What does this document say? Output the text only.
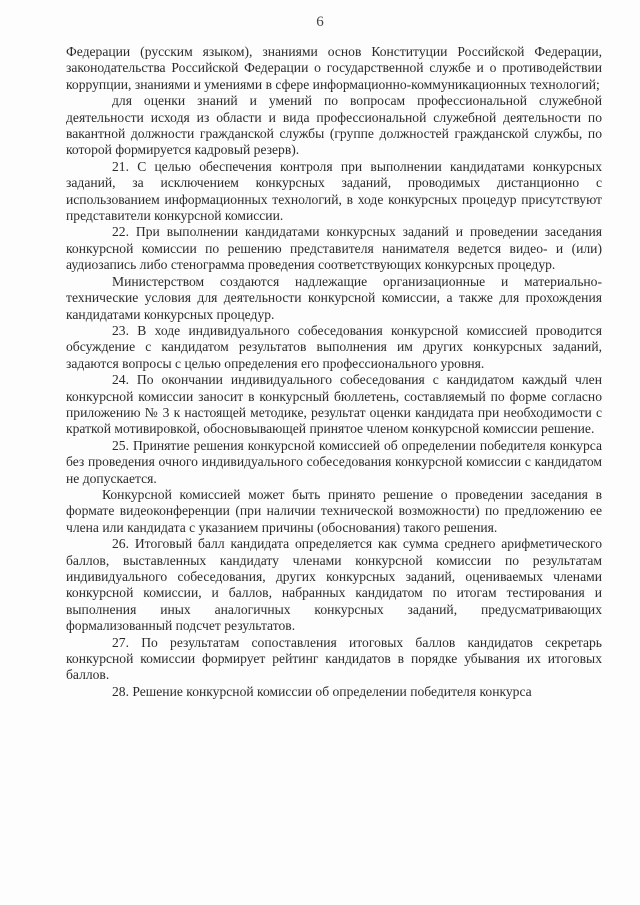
6

Федерации (русским языком), знаниями основ Конституции Российской Федерации, законодательства Российской Федерации о государственной службе и о противодействии коррупции, знаниями и умениями в сфере информационно-коммуникационных технологий;

для оценки знаний и умений по вопросам профессиональной служебной деятельности исходя из области и вида профессиональной служебной деятельности по вакантной должности гражданской службы (группе должностей гражданской службы, по которой формируется кадровый резерв).

21. С целью обеспечения контроля при выполнении кандидатами конкурсных заданий, за исключением конкурсных заданий, проводимых дистанционно с использованием информационных технологий, в ходе конкурсных процедур присутствуют представители конкурсной комиссии.

22. При выполнении кандидатами конкурсных заданий и проведении заседания конкурсной комиссии по решению представителя нанимателя ведется видео- и (или) аудиозапись либо стенограмма проведения соответствующих конкурсных процедур.

Министерством создаются надлежащие организационные и материально-технические условия для деятельности конкурсной комиссии, а также для прохождения кандидатами конкурсных процедур.

23. В ходе индивидуального собеседования конкурсной комиссией проводится обсуждение с кандидатом результатов выполнения им других конкурсных заданий, задаются вопросы с целью определения его профессионального уровня.

24. По окончании индивидуального собеседования с кандидатом каждый член конкурсной комиссии заносит в конкурсный бюллетень, составляемый по форме согласно приложению № 3 к настоящей методике, результат оценки кандидата при необходимости с краткой мотивировкой, обосновывающей принятое членом конкурсной комиссии решение.

25. Принятие решения конкурсной комиссией об определении победителя конкурса без проведения очного индивидуального собеседования конкурсной комиссии с кандидатом не допускается.

Конкурсной комиссией может быть принято решение о проведении заседания в формате видеоконференции (при наличии технической возможности) по предложению ее члена или кандидата с указанием причины (обоснования) такого решения.

26. Итоговый балл кандидата определяется как сумма среднего арифметического баллов, выставленных кандидату членами конкурсной комиссии по результатам индивидуального собеседования, других конкурсных заданий, оцениваемых членами конкурсной комиссии, и баллов, набранных кандидатом по итогам тестирования и выполнения иных аналогичных конкурсных заданий, предусматривающих формализованный подсчет результатов.

27. По результатам сопоставления итоговых баллов кандидатов секретарь конкурсной комиссии формирует рейтинг кандидатов в порядке убывания их итоговых баллов.

28. Решение конкурсной комиссии об определении победителя конкурса
